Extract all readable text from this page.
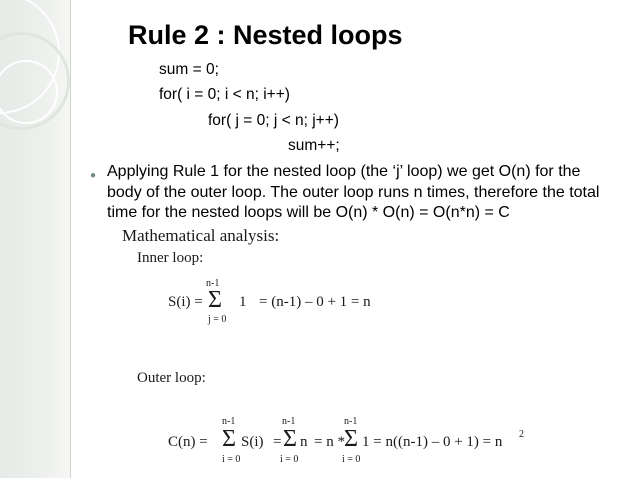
Rule 2 : Nested loops
sum = 0;
for( i = 0; i < n; i++)
for( j = 0; j < n; j++)
sum++;
● Applying Rule 1 for the nested loop (the ‘j’ loop) we get O(n) for the body of the outer loop. The outer loop runs n times, therefore the total time for the nested loops will be O(n) * O(n) = O(n*n) = C
Mathematical analysis:
Inner loop:
n-1
S(i) = Σ
j = 0
1 = (n-1) – 0 + 1 = n
Outer loop:
n-1
C(n) = Σ
i = 0
S(i) =
n-1
Σ
i = 0
n = n *
n-1
Σ
i = 0
1 = n((n-1) – 0 + 1) = n 2
